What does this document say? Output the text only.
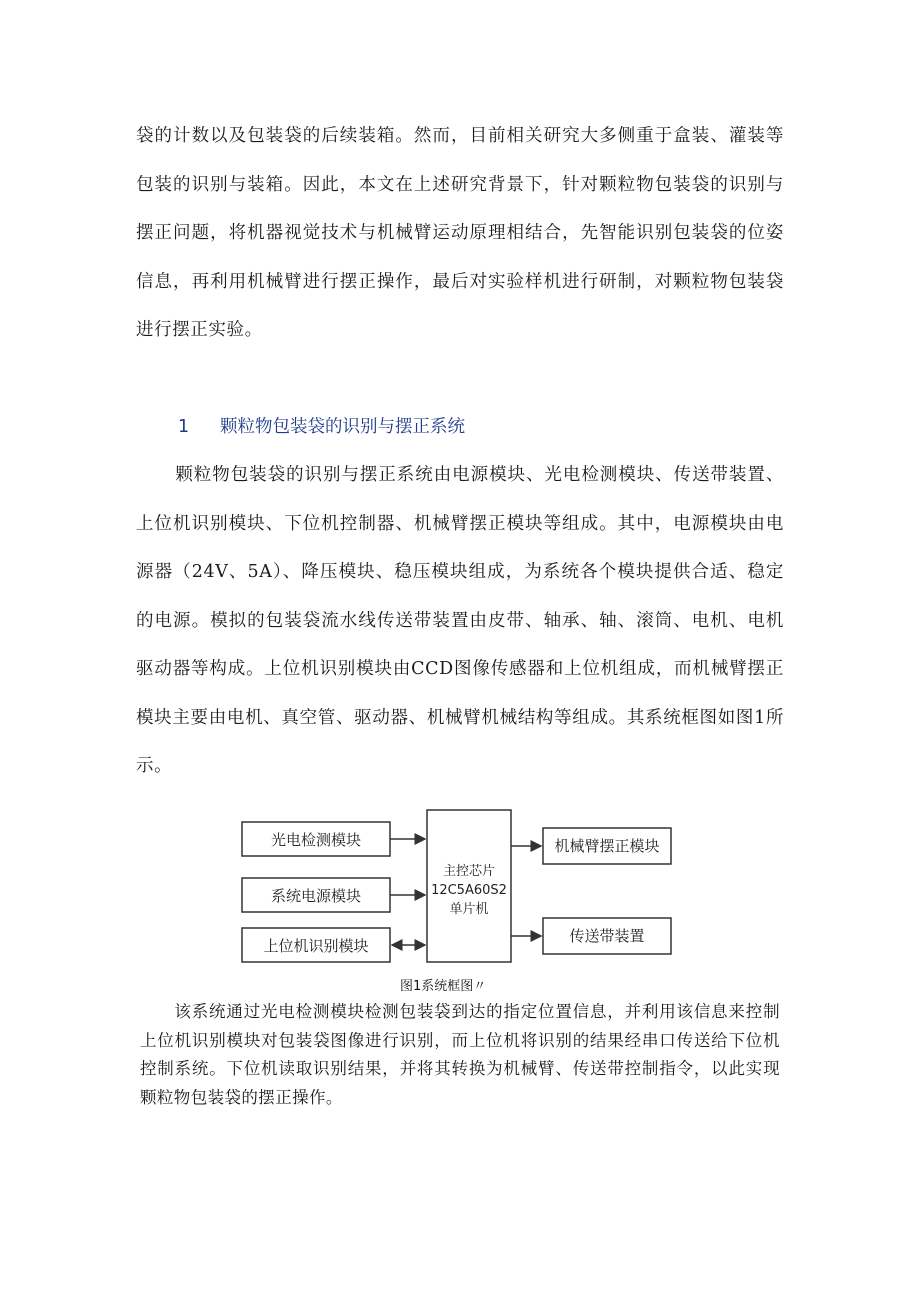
袋的计数以及包装袋的后续装箱。然而，目前相关研究大多侧重于盒装、灌装等包装的识别与装箱。因此，本文在上述研究背景下，针对颗粒物包装袋的识别与摆正问题，将机器视觉技术与机械臂运动原理相结合，先智能识别包装袋的位姿信息，再利用机械臂进行摆正操作，最后对实验样机进行研制，对颗粒物包装袋进行摆正实验。

1 颗粒物包装袋的识别与摆正系统

颗粒物包装袋的识别与摆正系统由电源模块、光电检测模块、传送带装置、上位机识别模块、下位机控制器、机械臂摆正模块等组成。其中，电源模块由电源器（24V、5A）、降压模块、稳压模块组成，为系统各个模块提供合适、稳定的电源。模拟的包装袋流水线传送带装置由皮带、轴承、轴、滚筒、电机、电机驱动器等构成。上位机识别模块由CCD图像传感器和上位机组成，而机械臂摆正模块主要由电机、真空管、驱动器、机械臂机械结构等组成。其系统框图如图1所示。

光电检测模块
系统电源模块
上位机识别模块
主控芯片
12C5A60S2
单片机
机械臂摆正模块
传送带装置

图1系统框图〃

该系统通过光电检测模块检测包装袋到达的指定位置信息，并利用该信息来控制上位机识别模块对包装袋图像进行识别，而上位机将识别的结果经串口传送给下位机控制系统。下位机读取识别结果，并将其转换为机械臂、传送带控制指令，以此实现颗粒物包装袋的摆正操作。
